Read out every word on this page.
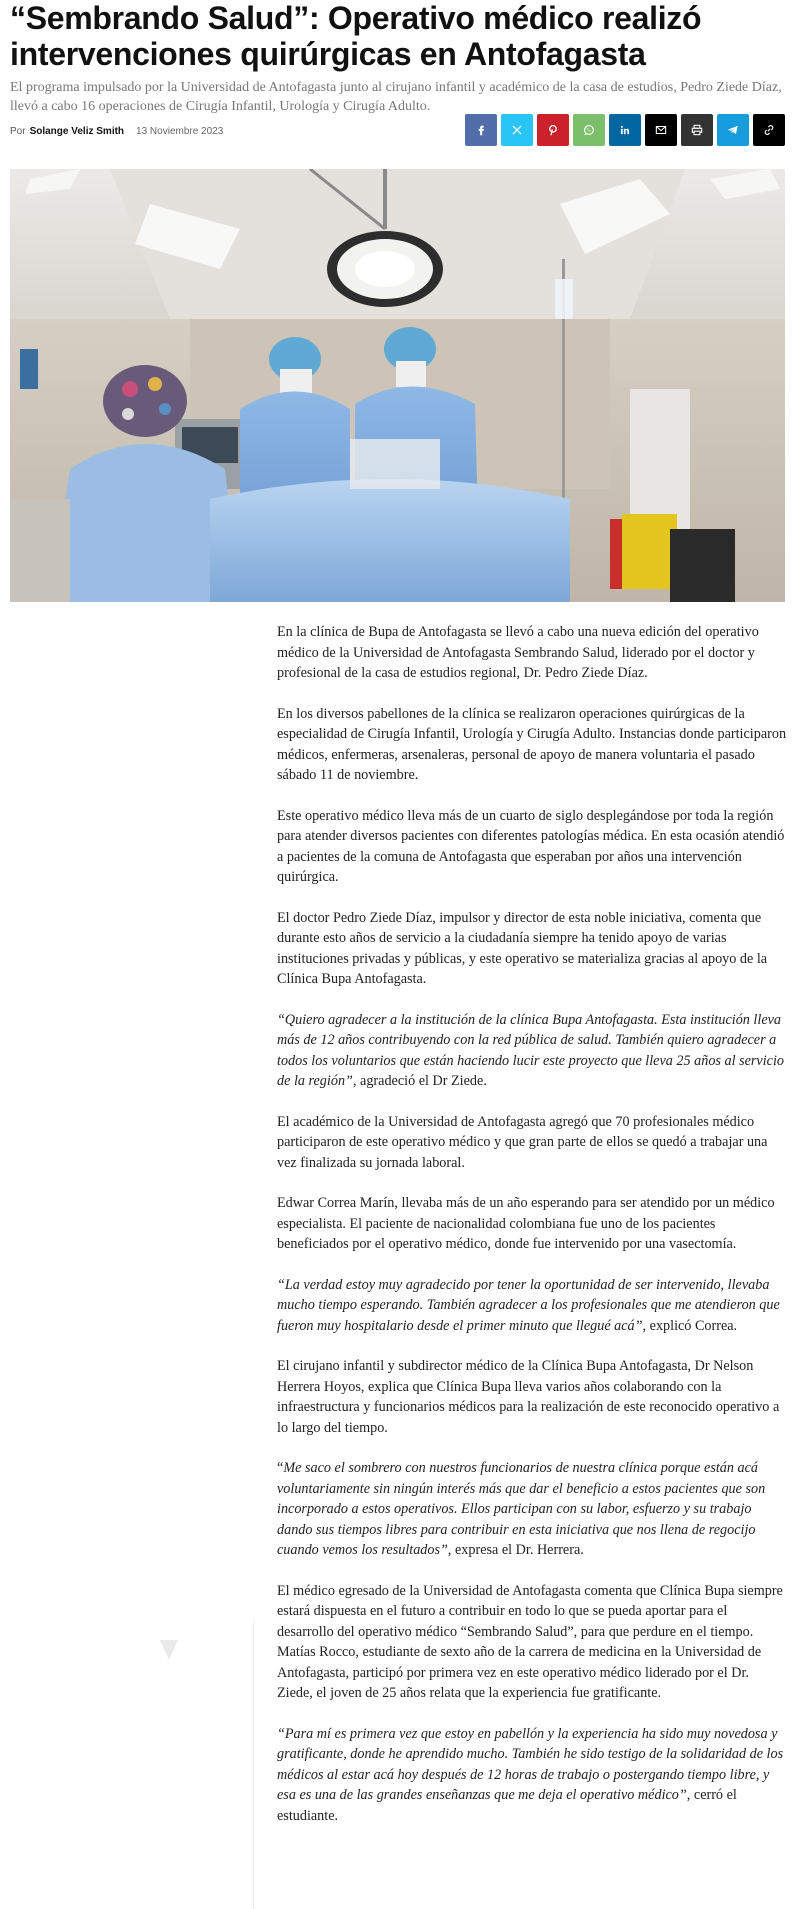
“Sembrando Salud”: Operativo médico realizó intervenciones quirúrgicas en Antofagasta

El programa impulsado por la Universidad de Antofagasta junto al cirujano infantil y académico de la casa de estudios, Pedro Ziede Díaz, llevó a cabo 16 operaciones de Cirugía Infantil, Urología y Cirugía Adulto.

Por Solange Veliz Smith 13 Noviembre 2023

En la clínica de Bupa de Antofagasta se llevó a cabo una nueva edición del operativo médico de la Universidad de Antofagasta Sembrando Salud, liderado por el doctor y profesional de la casa de estudios regional, Dr. Pedro Ziede Díaz.

En los diversos pabellones de la clínica se realizaron operaciones quirúrgicas de la especialidad de Cirugía Infantil, Urología y Cirugía Adulto. Instancias donde participaron médicos, enfermeras, arsenaleras, personal de apoyo de manera voluntaria el pasado sábado 11 de noviembre.

Este operativo médico lleva más de un cuarto de siglo desplegándose por toda la región para atender diversos pacientes con diferentes patologías médica. En esta ocasión atendió a pacientes de la comuna de Antofagasta que esperaban por años una intervención quirúrgica.

El doctor Pedro Ziede Díaz, impulsor y director de esta noble iniciativa, comenta que durante esto años de servicio a la ciudadanía siempre ha tenido apoyo de varias instituciones privadas y públicas, y este operativo se materializa gracias al apoyo de la Clínica Bupa Antofagasta.

“Quiero agradecer a la institución de la clínica Bupa Antofagasta. Esta institución lleva más de 12 años contribuyendo con la red pública de salud. También quiero agradecer a todos los voluntarios que están haciendo lucir este proyecto que lleva 25 años al servicio de la región”, agradeció el Dr Ziede.

El académico de la Universidad de Antofagasta agregó que 70 profesionales médico participaron de este operativo médico y que gran parte de ellos se quedó a trabajar una vez finalizada su jornada laboral.

Edwar Correa Marín, llevaba más de un año esperando para ser atendido por un médico especialista. El paciente de nacionalidad colombiana fue uno de los pacientes beneficiados por el operativo médico, donde fue intervenido por una vasectomía.

“La verdad estoy muy agradecido por tener la oportunidad de ser intervenido, llevaba mucho tiempo esperando. También agradecer a los profesionales que me atendieron que fueron muy hospitalario desde el primer minuto que llegué acá”, explicó Correa.

El cirujano infantil y subdirector médico de la Clínica Bupa Antofagasta, Dr Nelson Herrera Hoyos, explica que Clínica Bupa lleva varios años colaborando con la infraestructura y funcionarios médicos para la realización de este reconocido operativo a lo largo del tiempo.

“Me saco el sombrero con nuestros funcionarios de nuestra clínica porque están acá voluntariamente sin ningún interés más que dar el beneficio a estos pacientes que son incorporado a estos operativos. Ellos participan con su labor, esfuerzo y su trabajo dando sus tiempos libres para contribuir en esta iniciativa que nos llena de regocijo cuando vemos los resultados”, expresa el Dr. Herrera.

El médico egresado de la Universidad de Antofagasta comenta que Clínica Bupa siempre estará dispuesta en el futuro a contribuir en todo lo que se pueda aportar para el desarrollo del operativo médico “Sembrando Salud”, para que perdure en el tiempo. Matías Rocco, estudiante de sexto año de la carrera de medicina en la Universidad de Antofagasta, participó por primera vez en este operativo médico liderado por el Dr. Ziede, el joven de 25 años relata que la experiencia fue gratificante.

“Para mí es primera vez que estoy en pabellón y la experiencia ha sido muy novedosa y gratificante, donde he aprendido mucho. También he sido testigo de la solidaridad de los
médicos al estar acá hoy después de 12 horas de trabajo o postergando tiempo libre, y esa es una de las grandes enseñanzas que me deja el operativo médico”, cerró el estudiante.
